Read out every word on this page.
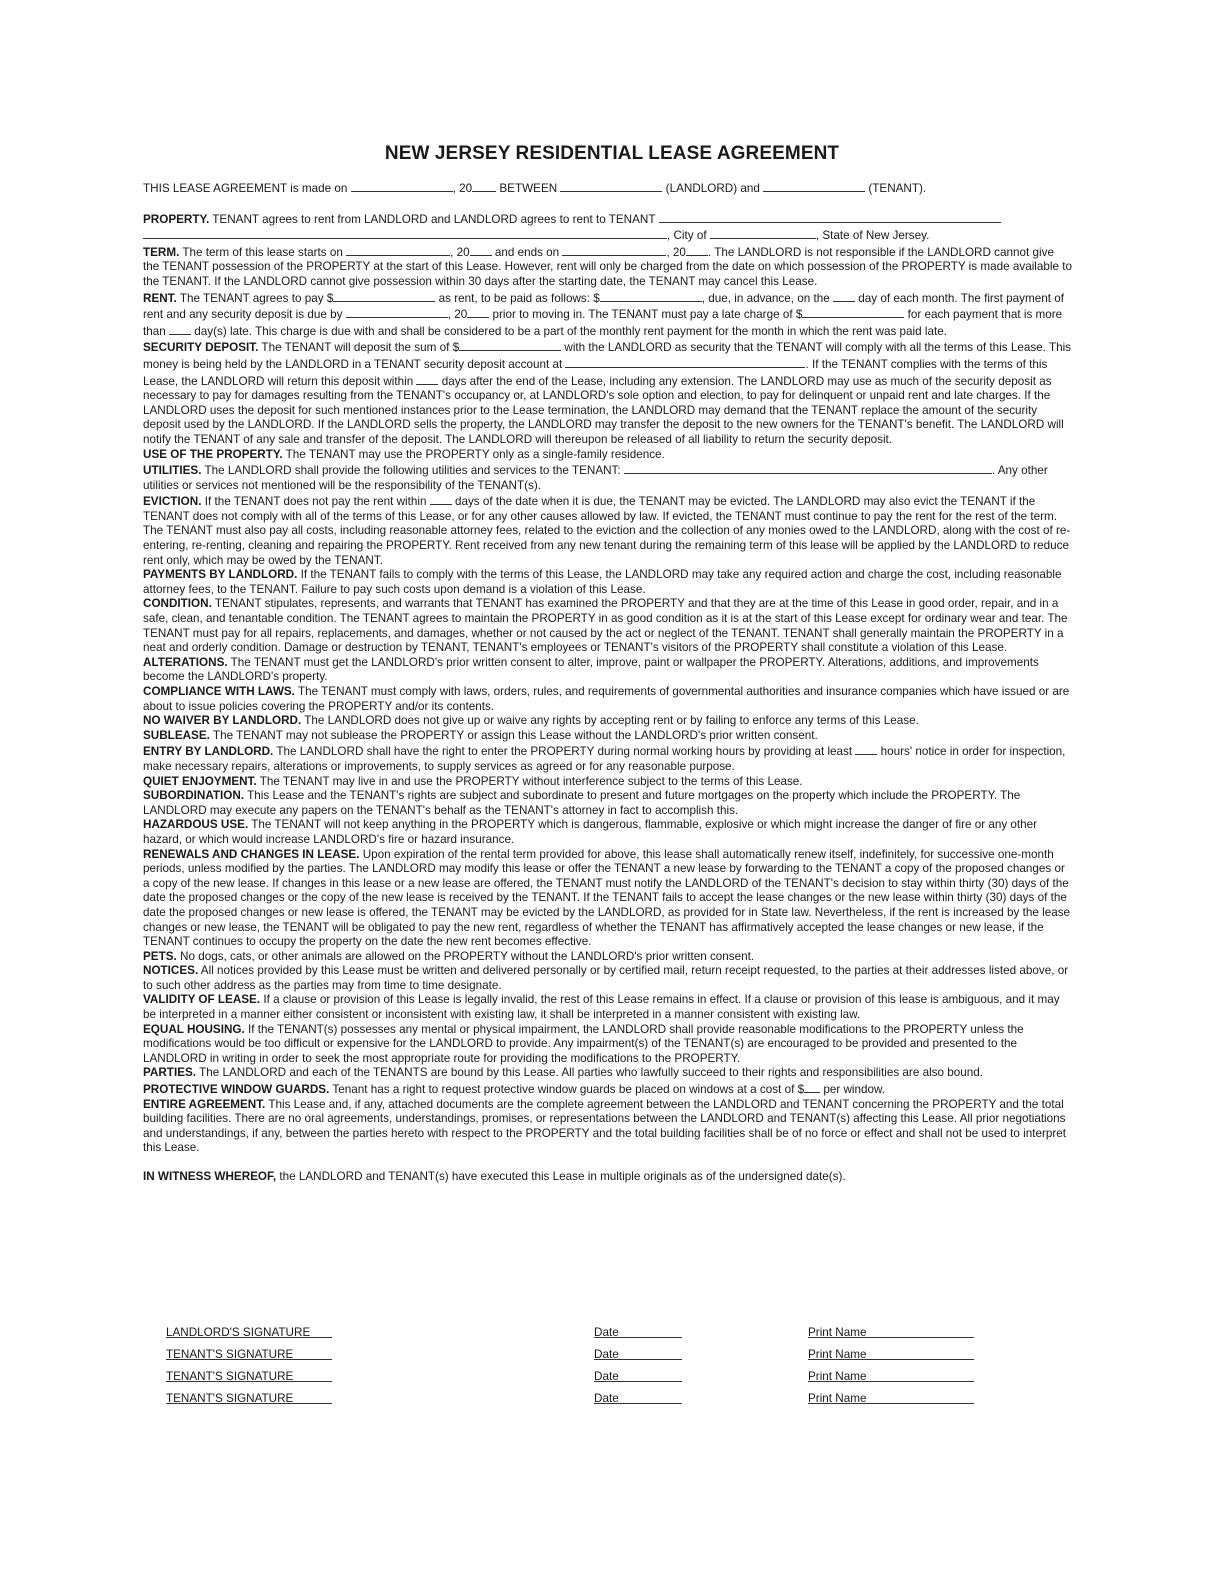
NEW JERSEY RESIDENTIAL LEASE AGREEMENT

THIS LEASE AGREEMENT is made on	, 20 BETWEEN	(LANDLORD) and	(TENANT).

PROPERTY. TENANT agrees to rent from LANDLORD and LANDLORD agrees to rent to TENANT , City of	, State of New Jersey.

TERM. The term of this lease starts on	, 20 and ends on	, 20 . The LANDLORD is not responsible if the LANDLORD cannot give the TENANT possession of the PROPERTY at the start of this Lease. However, rent will only be charged from the date on which possession of the PROPERTY is made available to the TENANT. If the LANDLORD cannot give possession within 30 days after the starting date, the TENANT may cancel this Lease.

RENT. The TENANT agrees to pay $	as rent, to be paid as follows: $	, due, in advance, on the  day of each month. The first payment of rent and any security deposit is due by	, 20 prior to moving in. The TENANT must pay a late charge of $	for each payment that is more than  day(s) late. This charge is due with and shall be considered to be a part of the monthly rent payment for the month in which the rent was paid late.

SECURITY DEPOSIT. The TENANT will deposit the sum of $	with the LANDLORD as security that the TENANT will comply with all the terms of this Lease. This money is being held by the LANDLORD in a TENANT security deposit account at	. If the TENANT complies with the terms of this Lease, the LANDLORD will return this deposit within  days after the end of the Lease, including any extension. The LANDLORD may use as much of the security deposit as necessary to pay for damages resulting from the TENANT's occupancy or, at LANDLORD's sole option and election, to pay for delinquent or unpaid rent and late charges. If the LANDLORD uses the deposit for such mentioned instances prior to the Lease termination, the LANDLORD may demand that the TENANT replace the amount of the security deposit used by the LANDLORD. If the LANDLORD sells the property, the LANDLORD may transfer the deposit to the new owners for the TENANT's benefit. The LANDLORD will notify the TENANT of any sale and transfer of the deposit. The LANDLORD will thereupon be released of all liability to return the security deposit.

USE OF THE PROPERTY. The TENANT may use the PROPERTY only as a single-family residence.

UTILITIES. The LANDLORD shall provide the following utilities and services to the TENANT:	. Any other utilities or services not mentioned will be the responsibility of the TENANT(s).

EVICTION. If the TENANT does not pay the rent within  days of the date when it is due, the TENANT may be evicted. The LANDLORD may also evict the TENANT if the TENANT does not comply with all of the terms of this Lease, or for any other causes allowed by law. If evicted, the TENANT must continue to pay the rent for the rest of the term. The TENANT must also pay all costs, including reasonable attorney fees, related to the eviction and the collection of any monies owed to the LANDLORD, along with the cost of re-entering, re-renting, cleaning and repairing the PROPERTY. Rent received from any new tenant during the remaining term of this lease will be applied by the LANDLORD to reduce rent only, which may be owed by the TENANT.

PAYMENTS BY LANDLORD. If the TENANT fails to comply with the terms of this Lease, the LANDLORD may take any required action and charge the cost, including reasonable attorney fees, to the TENANT. Failure to pay such costs upon demand is a violation of this Lease.

CONDITION. TENANT stipulates, represents, and warrants that TENANT has examined the PROPERTY and that they are at the time of this Lease in good order, repair, and in a safe, clean, and tenantable condition. The TENANT agrees to maintain the PROPERTY in as good condition as it is at the start of this Lease except for ordinary wear and tear. The TENANT must pay for all repairs, replacements, and damages, whether or not caused by the act or neglect of the TENANT. TENANT shall generally maintain the PROPERTY in a neat and orderly condition. Damage or destruction by TENANT, TENANT's employees or TENANT's visitors of the PROPERTY shall constitute a violation of this Lease.

ALTERATIONS. The TENANT must get the LANDLORD's prior written consent to alter, improve, paint or wallpaper the PROPERTY. Alterations, additions, and improvements become the LANDLORD's property.

COMPLIANCE WITH LAWS. The TENANT must comply with laws, orders, rules, and requirements of governmental authorities and insurance companies which have issued or are about to issue policies covering the PROPERTY and/or its contents.

NO WAIVER BY LANDLORD. The LANDLORD does not give up or waive any rights by accepting rent or by failing to enforce any terms of this Lease.

SUBLEASE. The TENANT may not sublease the PROPERTY or assign this Lease without the LANDLORD's prior written consent.

ENTRY BY LANDLORD. The LANDLORD shall have the right to enter the PROPERTY during normal working hours by providing at least  hours' notice in order for inspection, make necessary repairs, alterations or improvements, to supply services as agreed or for any reasonable purpose.

QUIET ENJOYMENT. The TENANT may live in and use the PROPERTY without interference subject to the terms of this Lease.

SUBORDINATION. This Lease and the TENANT's rights are subject and subordinate to present and future mortgages on the property which include the PROPERTY. The LANDLORD may execute any papers on the TENANT's behalf as the TENANT's attorney in fact to accomplish this.

HAZARDOUS USE. The TENANT will not keep anything in the PROPERTY which is dangerous, flammable, explosive or which might increase the danger of fire or any other hazard, or which would increase LANDLORD's fire or hazard insurance.

RENEWALS AND CHANGES IN LEASE. Upon expiration of the rental term provided for above, this lease shall automatically renew itself, indefinitely, for successive one-month periods, unless modified by the parties. The LANDLORD may modify this lease or offer the TENANT a new lease by forwarding to the TENANT a copy of the proposed changes or a copy of the new lease. If changes in this lease or a new lease are offered, the TENANT must notify the LANDLORD of the TENANT's decision to stay within thirty (30) days of the date the proposed changes or the copy of the new lease is received by the TENANT. If the TENANT fails to accept the lease changes or the new lease within thirty (30) days of the date the proposed changes or new lease is offered, the TENANT may be evicted by the LANDLORD, as provided for in State law. Nevertheless, if the rent is increased by the lease changes or new lease, the TENANT will be obligated to pay the new rent, regardless of whether the TENANT has affirmatively accepted the lease changes or new lease, if the TENANT continues to occupy the property on the date the new rent becomes effective.

PETS. No dogs, cats, or other animals are allowed on the PROPERTY without the LANDLORD's prior written consent.

NOTICES. All notices provided by this Lease must be written and delivered personally or by certified mail, return receipt requested, to the parties at their addresses listed above, or to such other address as the parties may from time to time designate.

VALIDITY OF LEASE. If a clause or provision of this Lease is legally invalid, the rest of this Lease remains in effect. If a clause or provision of this lease is ambiguous, and it may be interpreted in a manner either consistent or inconsistent with existing law, it shall be interpreted in a manner consistent with existing law.

EQUAL HOUSING. If the TENANT(s) possesses any mental or physical impairment, the LANDLORD shall provide reasonable modifications to the PROPERTY unless the modifications would be too difficult or expensive for the LANDLORD to provide. Any impairment(s) of the TENANT(s) are encouraged to be provided and presented to the LANDLORD in writing in order to seek the most appropriate route for providing the modifications to the PROPERTY.

PARTIES. The LANDLORD and each of the TENANTS are bound by this Lease. All parties who lawfully succeed to their rights and responsibilities are also bound.

PROTECTIVE WINDOW GUARDS. Tenant has a right to request protective window guards be placed on windows at a cost of $ per window.

ENTIRE AGREEMENT. This Lease and, if any, attached documents are the complete agreement between the LANDLORD and TENANT concerning the PROPERTY and the total building facilities. There are no oral agreements, understandings, promises, or representations between the LANDLORD and TENANT(s) affecting this Lease. All prior negotiations and understandings, if any, between the parties hereto with respect to the PROPERTY and the total building facilities shall be of no force or effect and shall not be used to interpret this Lease.

IN WITNESS WHEREOF, the LANDLORD and TENANT(s) have executed this Lease in multiple originals as of the undersigned date(s).

LANDLORD'S SIGNATURE	Date	Print Name
TENANT'S SIGNATURE	Date	Print Name
TENANT'S SIGNATURE	Date	Print Name
TENANT'S SIGNATURE	Date	Print Name
